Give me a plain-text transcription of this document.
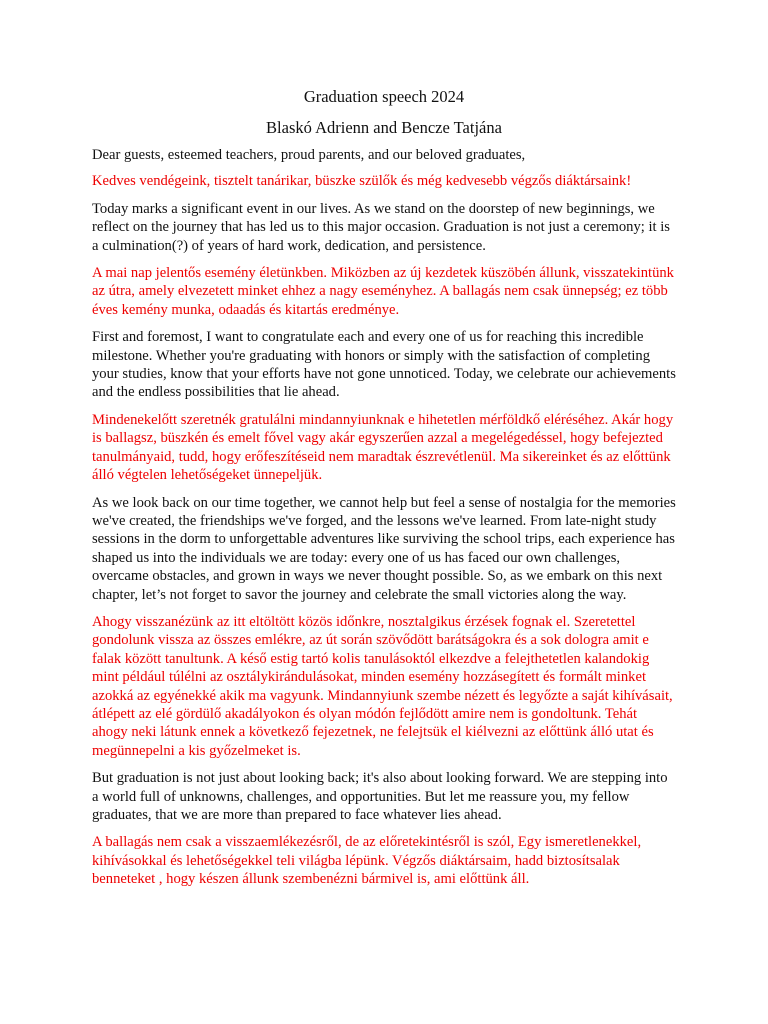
Graduation speech 2024
Blaskó Adrienn and Bencze Tatjána

Dear guests, esteemed teachers, proud parents, and our beloved graduates,

Kedves vendégeink, tisztelt tanárikar, büszke szülők és még kedvesebb végzős diáktársaink!

Today marks a significant event in our lives. As we stand on the doorstep of new beginnings, we reflect on the journey that has led us to this major occasion. Graduation is not just a ceremony; it is a culmination(?) of years of hard work, dedication, and persistence.

A mai nap jelentős esemény életünkben. Miközben az új kezdetek küszöbén állunk, visszatekintünk az útra, amely elvezetett minket ehhez a nagy eseményhez. A ballagás nem csak ünnepség; ez több éves kemény munka, odaadás és kitartás eredménye.

First and foremost, I want to congratulate each and every one of us for reaching this incredible milestone. Whether you're graduating with honors or simply with the satisfaction of completing your studies, know that your efforts have not gone unnoticed. Today, we celebrate our achievements and the endless possibilities that lie ahead.

Mindenekelőtt szeretnék gratulálni mindannyiunknak e hihetetlen mérföldkő eléréséhez. Akár hogy is ballagsz, büszkén és emelt fővel vagy akár egyszerűen azzal a megelégedéssel, hogy befejezted tanulmányaid, tudd, hogy erőfeszítéseid nem maradtak észrevétlenül. Ma sikereinket és az előttünk álló végtelen lehetőségeket ünnepeljük.

As we look back on our time together, we cannot help but feel a sense of nostalgia for the memories we've created, the friendships we've forged, and the lessons we've learned. From late-night study sessions in the dorm to unforgettable adventures like surviving the school trips, each experience has shaped us into the individuals we are today: every one of us has faced our own challenges, overcame obstacles, and grown in ways we never thought possible. So, as we embark on this next chapter, let’s not forget to savor the journey and celebrate the small victories along the way.

Ahogy visszanézünk az itt eltöltött közös időnkre, nosztalgikus érzések fognak el. Szeretettel gondolunk vissza az összes emlékre, az út során szövődött barátságokra és a sok dologra amit e falak között tanultunk. A késő estig tartó kolis tanulásoktól elkezdve a felejthetetlen kalandokig mint például túlélni az osztálykirándulásokat, minden esemény hozzásegített és formált minket azokká az egyénekké akik ma vagyunk. Mindannyiunk szembe nézett és legyőzte a saját kihívásait, átlépett az elé gördülő akadályokon és olyan módón fejlődött amire nem is gondoltunk. Tehát ahogy neki látunk ennek a következő fejezetnek, ne felejtsük el kiélvezni az előttünk álló utat és megünnepelni a kis győzelmeket is.

But graduation is not just about looking back; it's also about looking forward. We are stepping into a world full of unknowns, challenges, and opportunities. But let me reassure you, my fellow graduates, that we are more than prepared to face whatever lies ahead.

A ballagás nem csak a visszaemlékezésről, de az előretekintésről is szól, Egy ismeretlenekkel, kihívásokkal és lehetőségekkel teli világba lépünk. Végzős diáktársaim, hadd biztosítsalak benneteket , hogy készen állunk szembenézni bármivel is, ami előttünk áll.
